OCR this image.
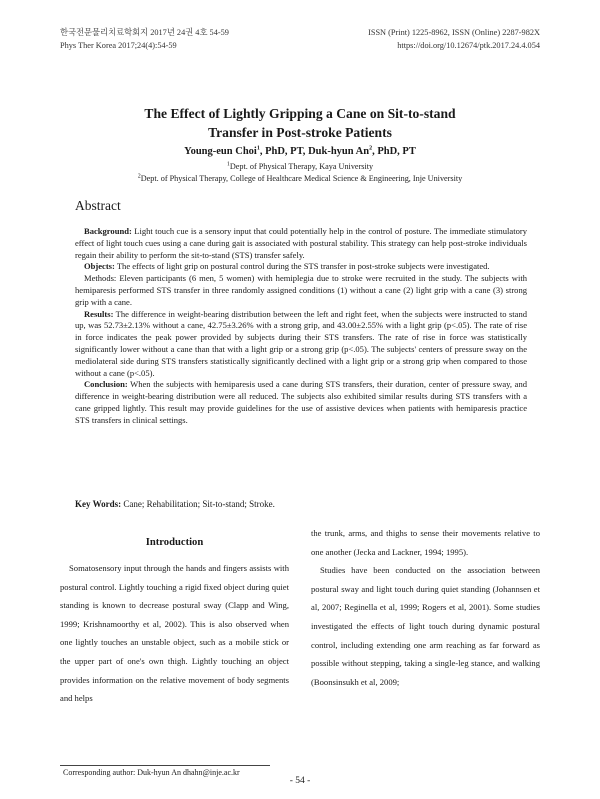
한국전문물리치료학회지 2017년 24권 4호 54-59
Phys Ther Korea 2017;24(4):54-59
ISSN (Print) 1225-8962, ISSN (Online) 2287-982X
https://doi.org/10.12674/ptk.2017.24.4.054
The Effect of Lightly Gripping a Cane on Sit-to-stand
Transfer in Post-stroke Patients
Young-eun Choi$^1$, PhD, PT, Duk-hyun An$^2$, PhD, PT
$^1$Dept. of Physical Therapy, Kaya University
$^2$Dept. of Physical Therapy, College of Healthcare Medical Science & Engineering, Inje University
Abstract

Background: Light touch cue is a sensory input that could potentially help in the control of posture. The immediate stimulatory effect of light touch cues using a cane during gait is associated with postural stability. This strategy can help post-stroke individuals regain their ability to perform the sit-to-stand (STS) transfer safely.

Objects: The effects of light grip on postural control during the STS transfer in post-stroke subjects were investigated.

Methods: Eleven participants (6 men, 5 women) with hemiplegia due to stroke were recruited in the study. The subjects with hemiparesis performed STS transfer in three randomly assigned conditions (1) without a cane (2) light grip with a cane (3) strong grip with a cane.

Results: The difference in weight-bearing distribution between the left and right feet, when the subjects were instructed to stand up, was 52.73±2.13% without a cane, 42.75±3.26% with a strong grip, and 43.00±2.55% with a light grip (p<.05). The rate of rise in force indicates the peak power provided by subjects during their STS transfers. The rate of rise in force was statistically significantly lower without a cane than that with a light grip or a strong grip (p<.05). The subjects' centers of pressure sway on the mediolateral side during STS transfers statistically significantly declined with a light grip or a strong grip when compared to those without a cane (p<.05).

Conclusion: When the subjects with hemiparesis used a cane during STS transfers, their duration, center of pressure sway, and difference in weight-bearing distribution were all reduced. The subjects also exhibited similar results during STS transfers with a cane gripped lightly. This result may provide guidelines for the use of assistive devices when patients with hemiparesis practice STS transfers in clinical settings.

Key Words: Cane; Rehabilitation; Sit-to-stand; Stroke.
Introduction

Somatosensory input through the hands and fingers assists with postural control. Lightly touching a rigid fixed object during quiet standing is known to decrease postural sway (Clapp and Wing, 1999; Krishnamoorthy et al, 2002). This is also observed when one lightly touches an unstable object, such as a mobile stick or the upper part of one's own thigh. Lightly touching an object provides information on the relative movement of body segments and helps

the trunk, arms, and thighs to sense their movements relative to one another (Jecka and Lackner, 1994; 1995).

Studies have been conducted on the association between postural sway and light touch during quiet standing (Johannsen et al, 2007; Reginella et al, 1999; Rogers et al, 2001). Some studies investigated the effects of light touch during dynamic postural control, including extending one arm reaching as far forward as possible without stepping, taking a single-leg stance, and walking (Boonsinsukh et al, 2009;

Corresponding author: Duk-hyun An dhahn@inje.ac.kr
- 54 -
